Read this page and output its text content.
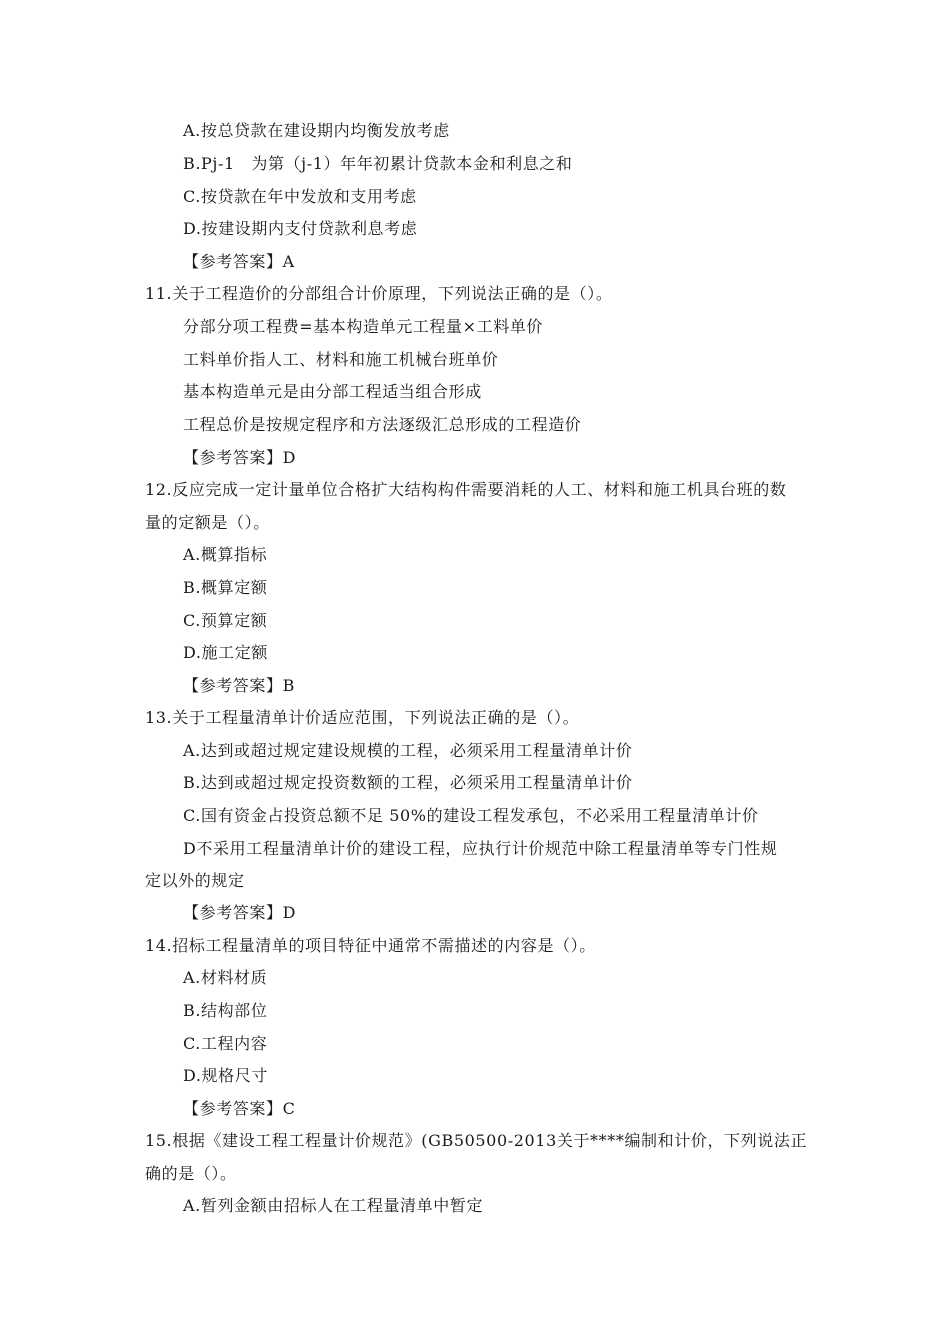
A.按总贷款在建设期内均衡发放考虑
B.Pj-1　为第（j-1）年年初累计贷款本金和利息之和
C.按贷款在年中发放和支用考虑
D.按建设期内支付贷款利息考虑
【参考答案】A
11.关于工程造价的分部组合计价原理，下列说法正确的是（）。
分部分项工程费=基本构造单元工程量×工料单价
工料单价指人工、材料和施工机械台班单价
基本构造单元是由分部工程适当组合形成
工程总价是按规定程序和方法逐级汇总形成的工程造价
【参考答案】D
12.反应完成一定计量单位合格扩大结构构件需要消耗的人工、材料和施工机具台班的数
量的定额是（）。
A.概算指标
B.概算定额
C.预算定额
D.施工定额
【参考答案】B
13.关于工程量清单计价适应范围，下列说法正确的是（）。
A.达到或超过规定建设规模的工程，必须采用工程量清单计价
B.达到或超过规定投资数额的工程，必须采用工程量清单计价
C.国有资金占投资总额不足 50%的建设工程发承包，不必采用工程量清单计价
D不采用工程量清单计价的建设工程，应执行计价规范中除工程量清单等专门性规
定以外的规定
【参考答案】D
14.招标工程量清单的项目特征中通常不需描述的内容是（）。
A.材料材质
B.结构部位
C.工程内容
D.规格尺寸
【参考答案】C
15.根据《建设工程工程量计价规范》(GB50500-2013关于****编制和计价，下列说法正
确的是（）。
A.暂列金额由招标人在工程量清单中暂定
